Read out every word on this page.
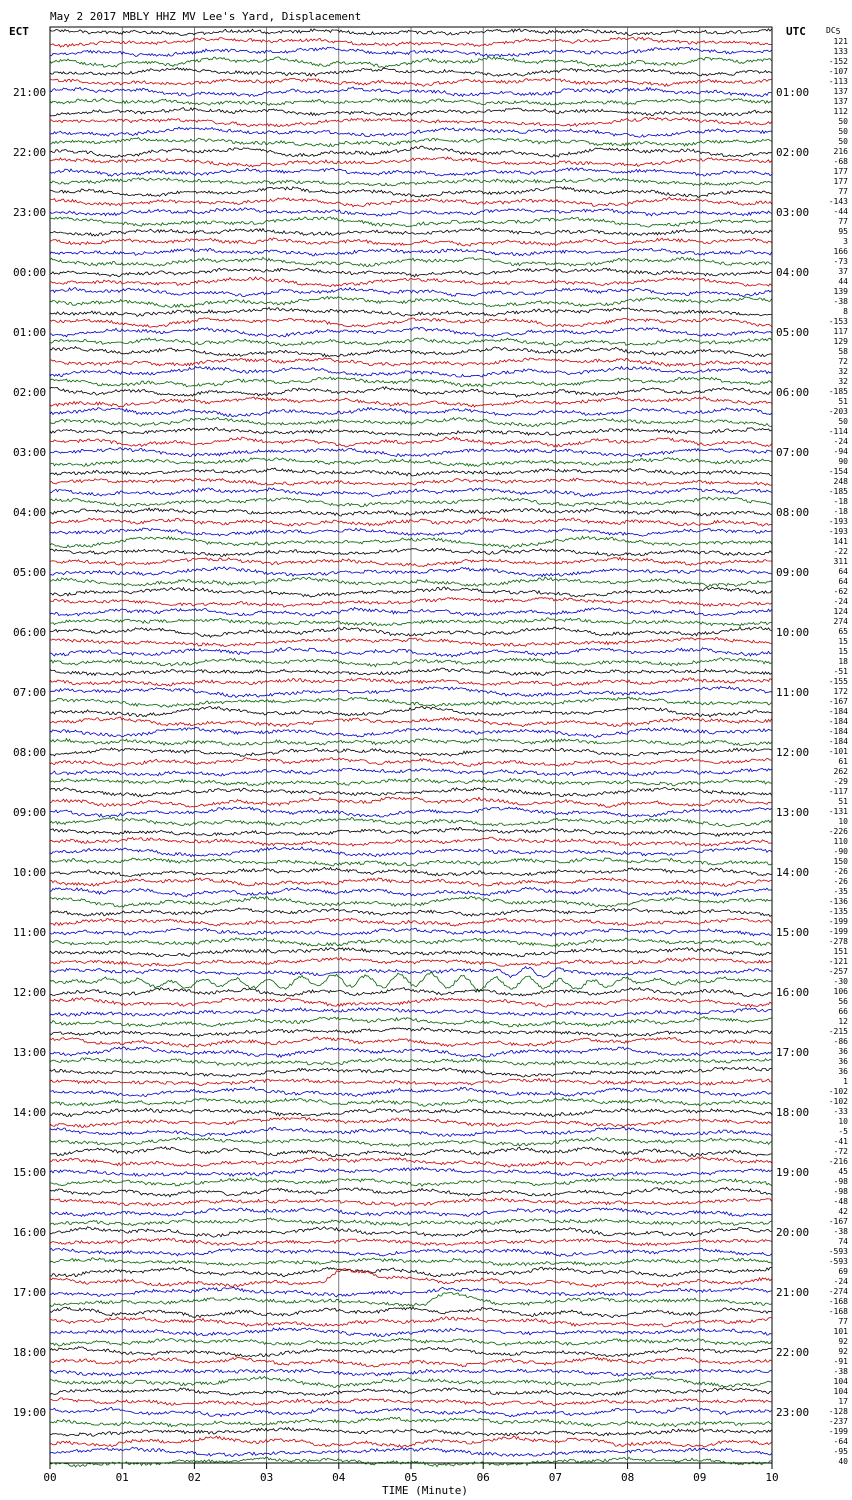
May 2 2017 MBLY HHZ MV Lee's Yard, Displacement
ECT	UTC	DC5
21:00
22:00
23:00
00:00
01:00
02:00
03:00
04:00
05:00
06:00
07:00
08:00
09:00
10:00
11:00
12:00
13:00
14:00
15:00
16:00
17:00
18:00
19:00
01:00
02:00
03:00
04:00
05:00
06:00
07:00
08:00
09:00
10:00
11:00
12:00
13:00
14:00
15:00
16:00
17:00
18:00
19:00
20:00
21:00
22:00
23:00
121
133
-152
-107
-113
137
137
112
50
50
50
216
-68
177
177
77
-143
-44
77
95
3
166
-73
37
44
139
-38
8
-153
117
129
58
72
32
32
-185
51
-203
50
-114
-24
-94
90
-154
248
-185
-18
-18
-193
-193
141
-22
311
64
64
-62
-24
124
274
65
15
15
18
-51
-155
172
-167
-184
-184
-184
-184
-101
61
262
-29
-117
51
-131
10
-226
110
-90
150
-26
-26
-35
-136
-135
-199
-199
-278
151
-121
-257
-30
106
56
66
12
-215
-86
36
36
36
1
-102
-102
-33
10
-5
-41
-72
-216
45
-98
-98
-48
42
-167
-38
74
-593
-593
69
-24
-274
-168
-168
77
101
92
92
-91
-38
104
104
17
-128
-237
-199
-64
-95
40
00	01	02	03	04	05	06	07	08	09	10
TIME (Minute)
